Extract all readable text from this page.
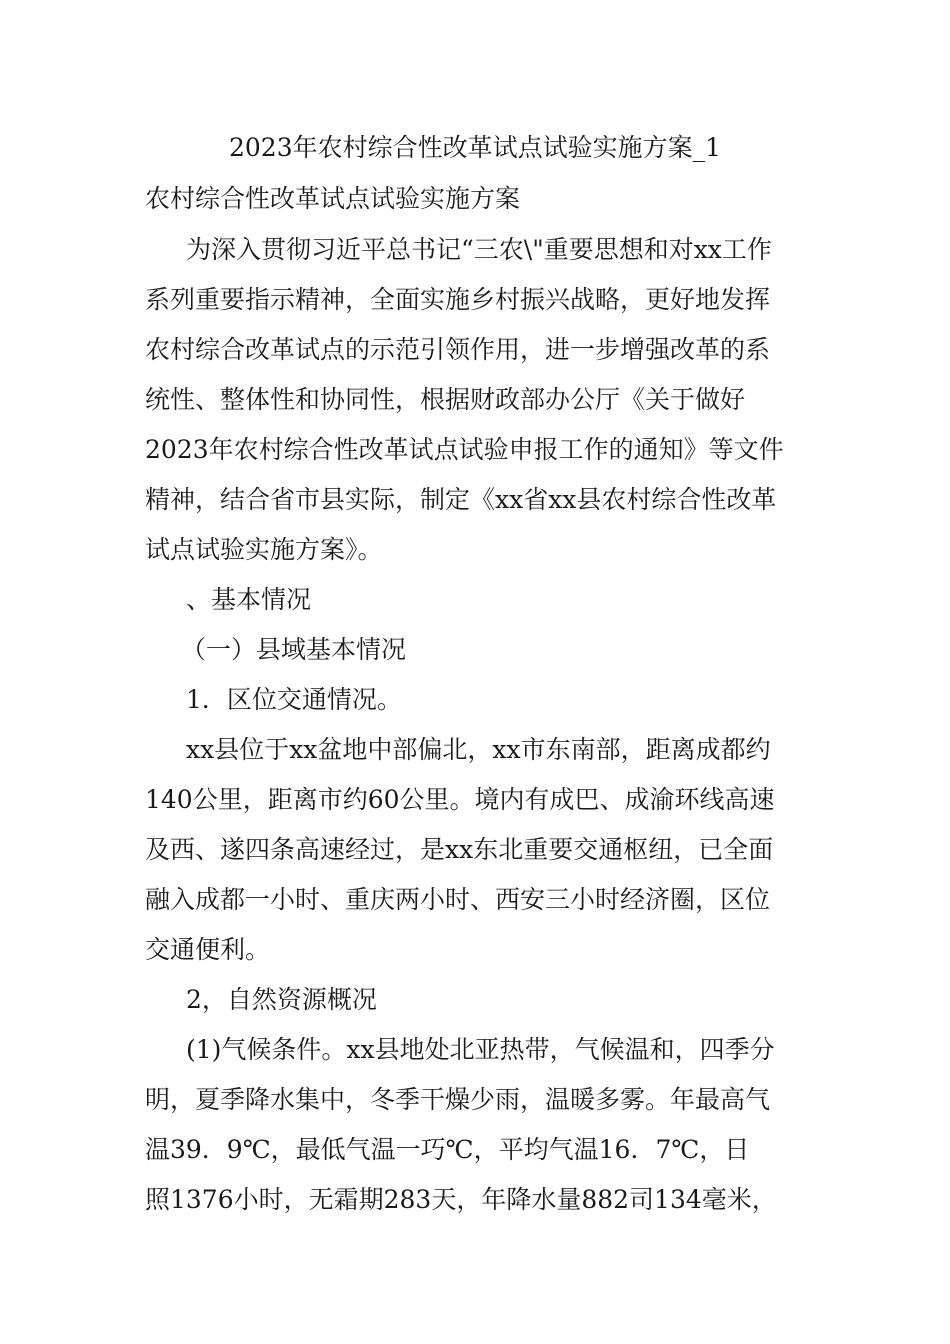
2023年农村综合性改革试点试验实施方案_1
农村综合性改革试点试验实施方案
为深入贯彻习近平总书记“三农\"重要思想和对xx工作
系列重要指示精神，全面实施乡村振兴战略，更好地发挥
农村综合改革试点的示范引领作用，进一步增强改革的系
统性、整体性和协同性，根据财政部办公厅《关于做好
2023年农村综合性改革试点试验申报工作的通知》等文件
精神，结合省市县实际，制定《xx省xx县农村综合性改革
试点试验实施方案》。
、基本情况
（一）县域基本情况
1．区位交通情况。
xx县位于xx盆地中部偏北，xx市东南部，距离成都约
140公里，距离市约60公里。境内有成巴、成渝环线高速
及西、遂四条高速经过，是xx东北重要交通枢纽，已全面
融入成都一小时、重庆两小时、西安三小时经济圈，区位
交通便利。
2，自然资源概况
(1)气候条件。xx县地处北亚热带，气候温和，四季分
明，夏季降水集中，冬季干燥少雨，温暖多雾。年最高气
温39．9℃，最低气温一巧℃，平均气温16．7℃，日
照1376小时，无霜期283天，年降水量882司134毫米，
